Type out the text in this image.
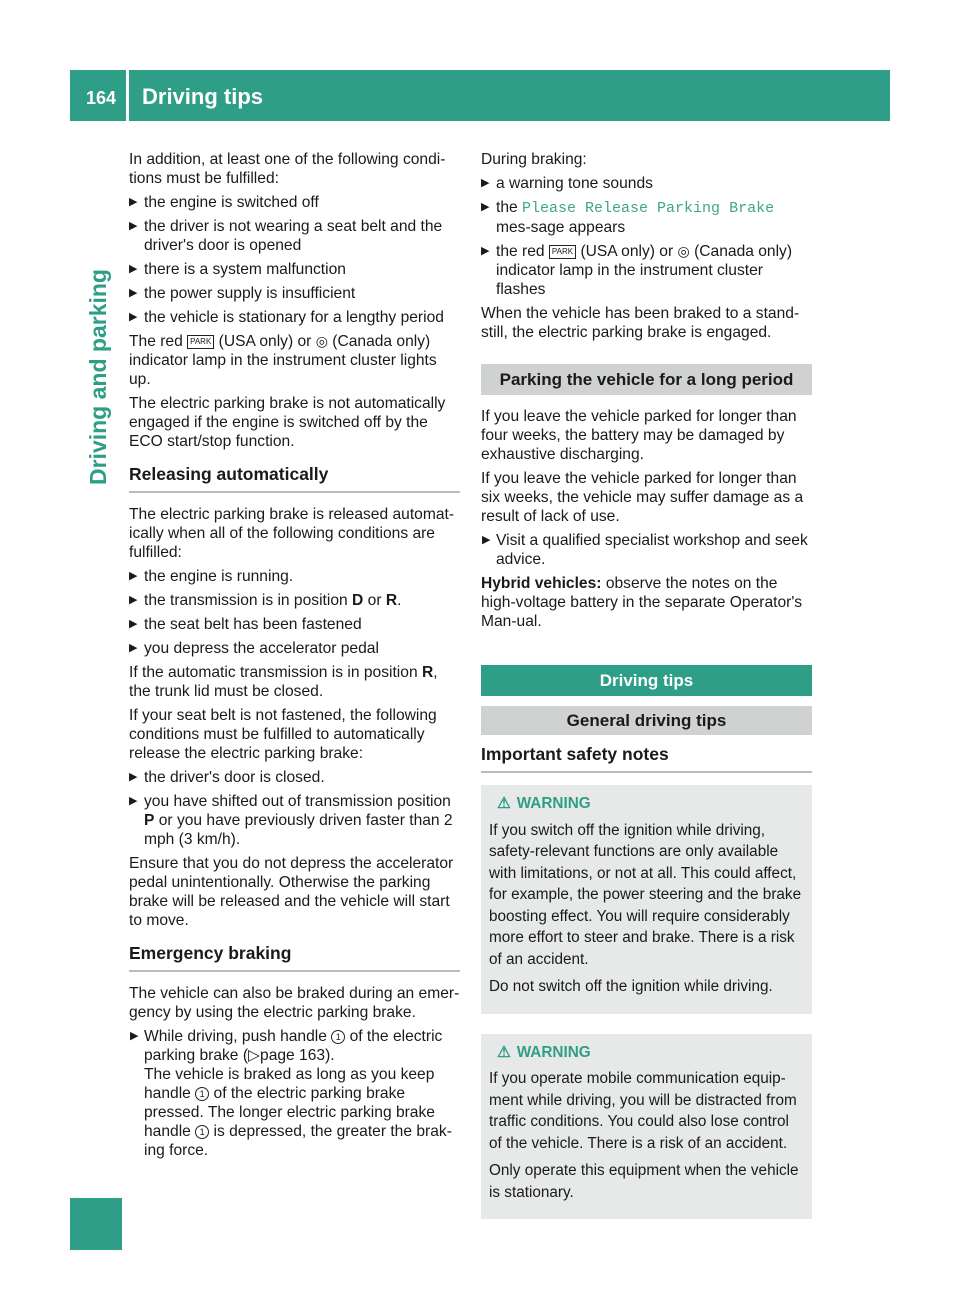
164 Driving tips
Driving and parking

In addition, at least one of the following condi-tions must be fulfilled:

▶ the engine is switched off
▶ the driver is not wearing a seat belt and the driver's door is opened
▶ there is a system malfunction
▶ the power supply is insufficient
▶ the vehicle is stationary for a lengthy period

The red PARK (USA only) or ◎ (Canada only) indicator lamp in the instrument cluster lights up.

The electric parking brake is not automatically engaged if the engine is switched off by the ECO start/stop function.

Releasing automatically

The electric parking brake is released automat-ically when all of the following conditions are fulfilled:

▶ the engine is running.
▶ the transmission is in position D or R.
▶ the seat belt has been fastened
▶ you depress the accelerator pedal

If the automatic transmission is in position R, the trunk lid must be closed.

If your seat belt is not fastened, the following conditions must be fulfilled to automatically release the electric parking brake:

▶ the driver's door is closed.
▶ you have shifted out of transmission position P or you have previously driven faster than 2 mph (3 km/h).

Ensure that you do not depress the accelerator pedal unintentionally. Otherwise the parking brake will be released and the vehicle will start to move.

Emergency braking

The vehicle can also be braked during an emer-gency by using the electric parking brake.

▶ While driving, push handle 1 of the electric parking brake (▷page 163).
The vehicle is braked as long as you keep handle 1 of the electric parking brake pressed. The longer electric parking brake handle 1 is depressed, the greater the brak-ing force.

During braking:

▶ a warning tone sounds
▶ the Please Release Parking Brake mes-sage appears
▶ the red PARK (USA only) or ◎ (Canada only) indicator lamp in the instrument cluster flashes

When the vehicle has been braked to a stand-still, the electric parking brake is engaged.

Parking the vehicle for a long period

If you leave the vehicle parked for longer than four weeks, the battery may be damaged by exhaustive discharging.

If you leave the vehicle parked for longer than six weeks, the vehicle may suffer damage as a result of lack of use.

▶ Visit a qualified specialist workshop and seek advice.

Hybrid vehicles: observe the notes on the high-voltage battery in the separate Operator's Man-ual.

Driving tips
General driving tips
Important safety notes
⚠ WARNING

If you switch off the ignition while driving, safety-relevant functions are only available with limitations, or not at all. This could affect, for example, the power steering and the brake boosting effect. You will require considerably more effort to steer and brake. There is a risk of an accident.

Do not switch off the ignition while driving.

⚠ WARNING

If you operate mobile communication equip-ment while driving, you will be distracted from traffic conditions. You could also lose control of the vehicle. There is a risk of an accident.

Only operate this equipment when the vehicle is stationary.
